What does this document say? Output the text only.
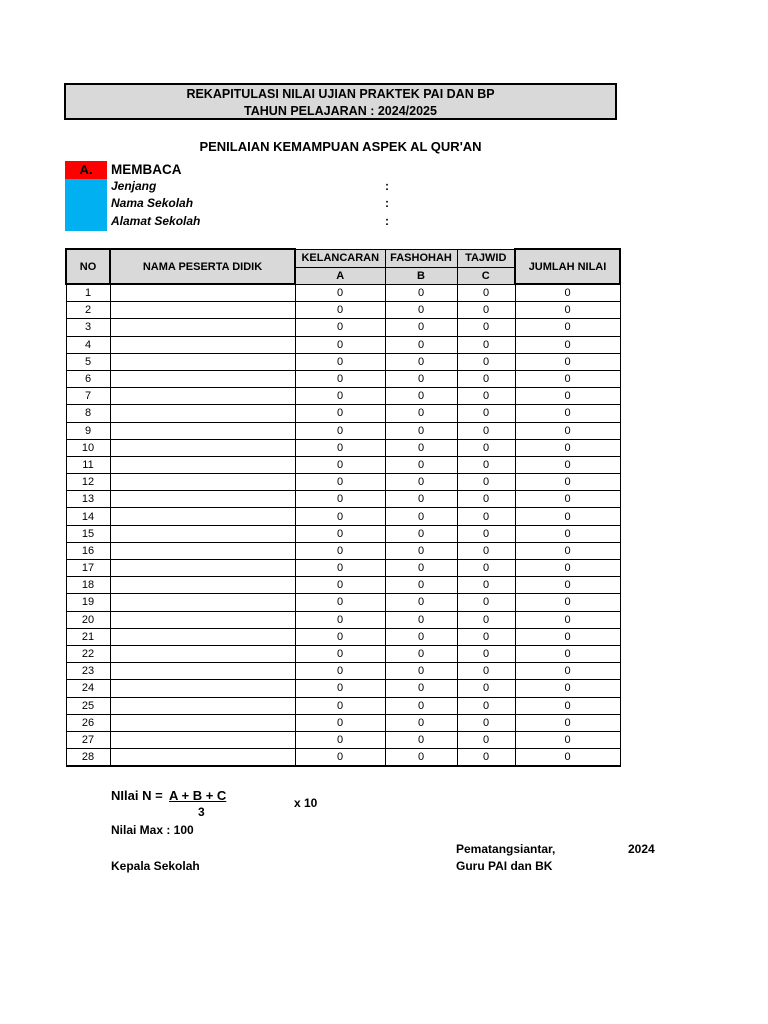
REKAPITULASI NILAI UJIAN PRAKTEK PAI DAN BP
TAHUN PELAJARAN : 2024/2025
PENILAIAN KEMAMPUAN ASPEK AL QUR'AN
A.	MEMBACA
Jenjang	:
Nama Sekolah	:
Alamat Sekolah	:
NO	NAMA PESERTA DIDIK	KELANCARAN	FASHOHAH	TAJWID	JUMLAH NILAI
		A	B	C	
1		0	0	0	0
2		0	0	0	0
3		0	0	0	0
4		0	0	0	0
5		0	0	0	0
6		0	0	0	0
7		0	0	0	0
8		0	0	0	0
9		0	0	0	0
10		0	0	0	0
11		0	0	0	0
12		0	0	0	0
13		0	0	0	0
14		0	0	0	0
15		0	0	0	0
16		0	0	0	0
17		0	0	0	0
18		0	0	0	0
19		0	0	0	0
20		0	0	0	0
21		0	0	0	0
22		0	0	0	0
23		0	0	0	0
24		0	0	0	0
25		0	0	0	0
26		0	0	0	0
27		0	0	0	0
28		0	0	0	0
NIlai N = A + B + C
3
x 10
Nilai Max : 100
Pematangsiantar,	2024
Kepala Sekolah	Guru PAI dan BK
